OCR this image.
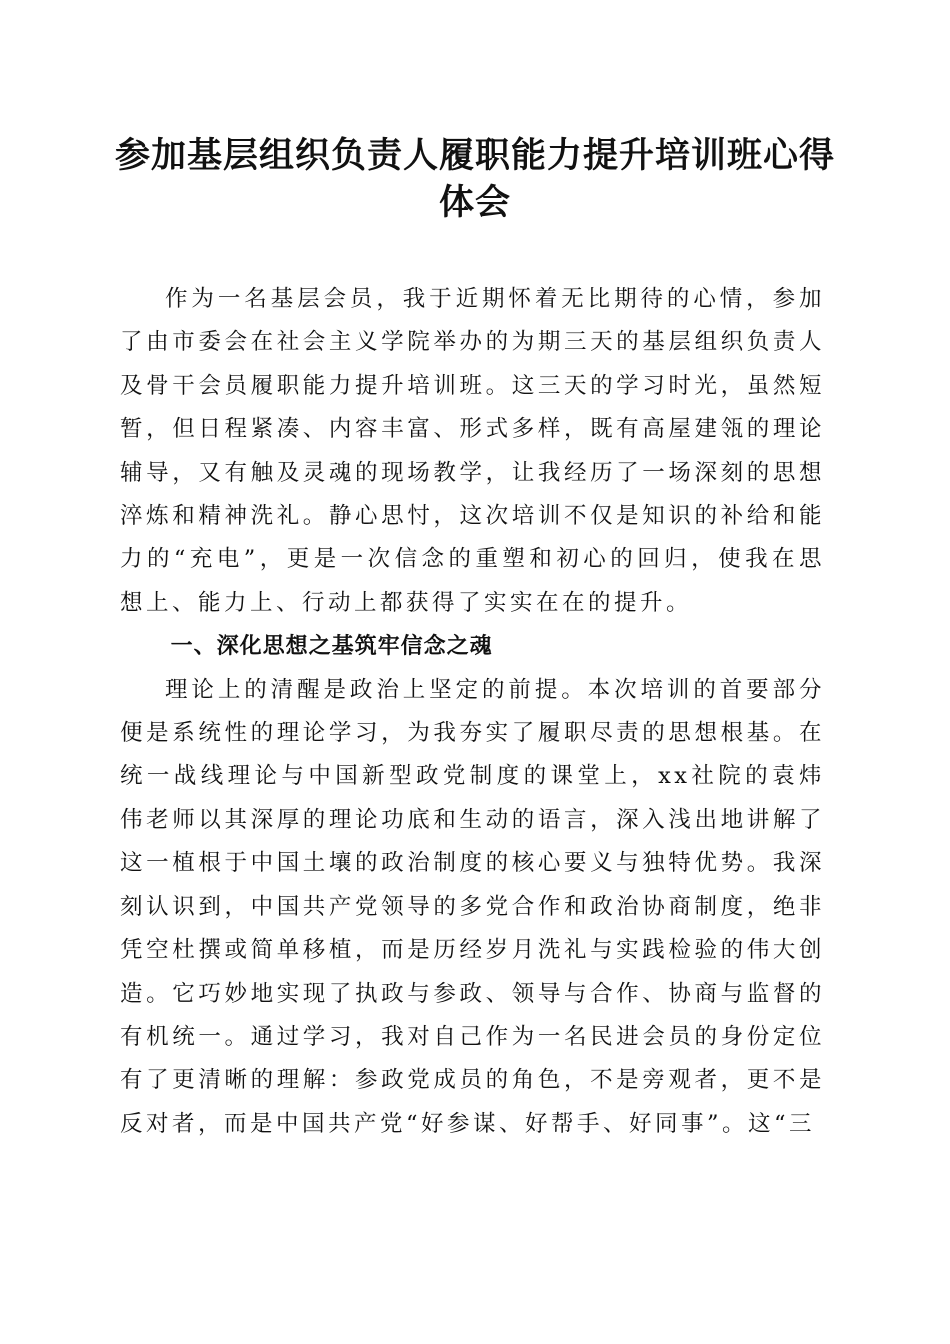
参加基层组织负责人履职能力提升培训班心得
体会

作为一名基层会员，我于近期怀着无比期待的心情，参加了由市委会在社会主义学院举办的为期三天的基层组织负责人及骨干会员履职能力提升培训班。这三天的学习时光，虽然短暂，但日程紧凑、内容丰富、形式多样，既有高屋建瓴的理论辅导，又有触及灵魂的现场教学，让我经历了一场深刻的思想淬炼和精神洗礼。静心思忖，这次培训不仅是知识的补给和能力的“充电”，更是一次信念的重塑和初心的回归，使我在思想上、能力上、行动上都获得了实实在在的提升。

一、深化思想之基筑牢信念之魂

理论上的清醒是政治上坚定的前提。本次培训的首要部分便是系统性的理论学习，为我夯实了履职尽责的思想根基。在统一战线理论与中国新型政党制度的课堂上，xx社院的袁炜伟老师以其深厚的理论功底和生动的语言，深入浅出地讲解了这一植根于中国土壤的政治制度的核心要义与独特优势。我深刻认识到，中国共产党领导的多党合作和政治协商制度，绝非凭空杜撰或简单移植，而是历经岁月洗礼与实践检验的伟大创造。它巧妙地实现了执政与参政、领导与合作、协商与监督的有机统一。通过学习，我对自己作为一名民进会员的身份定位有了更清晰的理解：参政党成员的角色，不是旁观者，更不是反对者，而是中国共产党“好参谋、好帮手、好同事”。这“三
